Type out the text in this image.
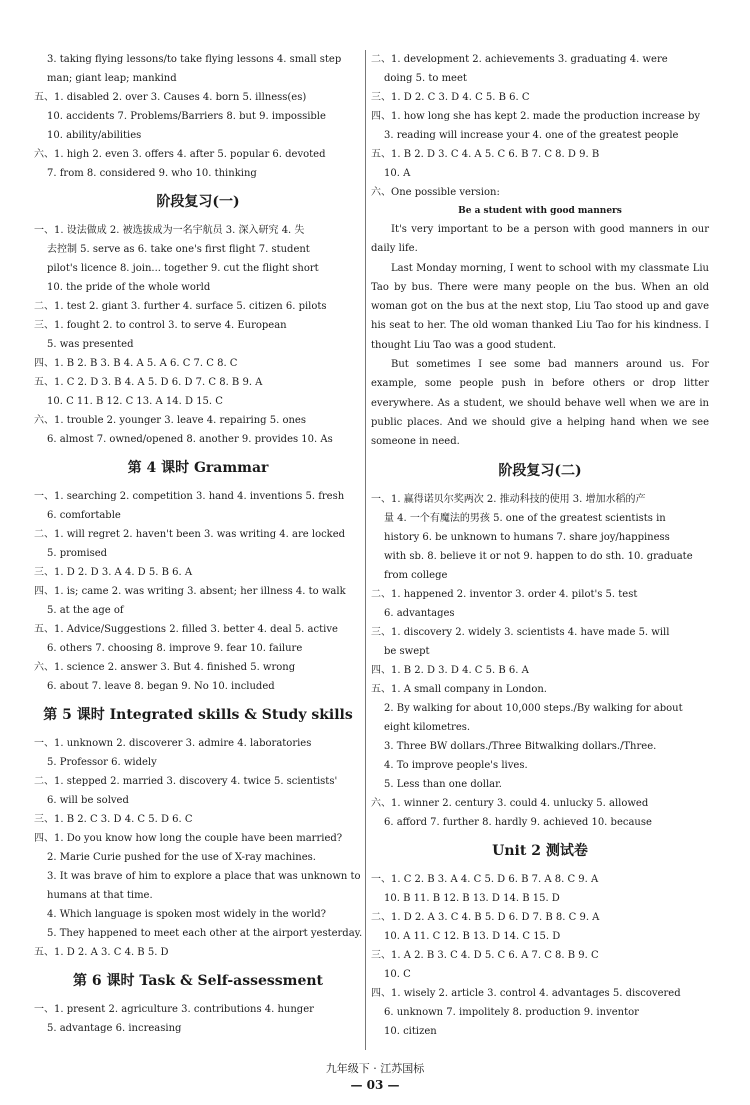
3. taking flying lessons/to take flying lessons 4. small step
man; giant leap; mankind
五、1. disabled 2. over 3. Causes 4. born 5. illness(es)
10. accidents 7. Problems/Barriers 8. but 9. impossible
10. ability/abilities
六、1. high 2. even 3. offers 4. after 5. popular 6. devoted
7. from 8. considered 9. who 10. thinking
阶段复习(一)
一、1. 设法做成 2. 被选拔成为一名宇航员 3. 深入研究 4. 失
去控制 5. serve as 6. take one's first flight 7. student
pilot's licence 8. join... together 9. cut the flight short
10. the pride of the whole world
二、1. test 2. giant 3. further 4. surface 5. citizen 6. pilots
三、1. fought 2. to control 3. to serve 4. European
5. was presented
四、1. B 2. B 3. B 4. A 5. A 6. C 7. C 8. C
五、1. C 2. D 3. B 4. A 5. D 6. D 7. C 8. B 9. A
10. C 11. B 12. C 13. A 14. D 15. C
六、1. trouble 2. younger 3. leave 4. repairing 5. ones
6. almost 7. owned/opened 8. another 9. provides 10. As
第 4 课时 Grammar
一、1. searching 2. competition 3. hand 4. inventions 5. fresh
6. comfortable
二、1. will regret 2. haven't been 3. was writing 4. are locked
5. promised
三、1. D 2. D 3. A 4. D 5. B 6. A
四、1. is; came 2. was writing 3. absent; her illness 4. to walk
5. at the age of
五、1. Advice/Suggestions 2. filled 3. better 4. deal 5. active
6. others 7. choosing 8. improve 9. fear 10. failure
六、1. science 2. answer 3. But 4. finished 5. wrong
6. about 7. leave 8. began 9. No 10. included
第 5 课时 Integrated skills & Study skills
一、1. unknown 2. discoverer 3. admire 4. laboratories
5. Professor 6. widely
二、1. stepped 2. married 3. discovery 4. twice 5. scientists'
6. will be solved
三、1. B 2. C 3. D 4. C 5. D 6. C
四、1. Do you know how long the couple have been married?
2. Marie Curie pushed for the use of X-ray machines.
3. It was brave of him to explore a place that was unknown to
humans at that time.
4. Which language is spoken most widely in the world?
5. They happened to meet each other at the airport yesterday.
五、1. D 2. A 3. C 4. B 5. D
第 6 课时 Task & Self-assessment
一、1. present 2. agriculture 3. contributions 4. hunger
5. advantage 6. increasing
二、1. development 2. achievements 3. graduating 4. were
doing 5. to meet
三、1. D 2. C 3. D 4. C 5. B 6. C
四、1. how long she has kept 2. made the production increase by
3. reading will increase your 4. one of the greatest people
五、1. B 2. D 3. C 4. A 5. C 6. B 7. C 8. D 9. B
10. A
六、One possible version:
Be a student with good manners
It's very important to be a person with good manners in our daily life.
Last Monday morning, I went to school with my classmate Liu Tao by bus. There were many people on the bus. When an old woman got on the bus at the next stop, Liu Tao stood up and gave his seat to her. The old woman thanked Liu Tao for his kindness. I thought Liu Tao was a good student.
But sometimes I see some bad manners around us. For example, some people push in before others or drop litter everywhere. As a student, we should behave well when we are in public places. And we should give a helping hand when we see someone in need.
阶段复习(二)
一、1. 赢得诺贝尔奖两次 2. 推动科技的使用 3. 增加水稻的产
量 4. 一个有魔法的男孩 5. one of the greatest scientists in
history 6. be unknown to humans 7. share joy/happiness
with sb. 8. believe it or not 9. happen to do sth. 10. graduate
from college
二、1. happened 2. inventor 3. order 4. pilot's 5. test
6. advantages
三、1. discovery 2. widely 3. scientists 4. have made 5. will
be swept
四、1. B 2. D 3. D 4. C 5. B 6. A
五、1. A small company in London.
2. By walking for about 10,000 steps./By walking for about
eight kilometres.
3. Three BW dollars./Three Bitwalking dollars./Three.
4. To improve people's lives.
5. Less than one dollar.
六、1. winner 2. century 3. could 4. unlucky 5. allowed
6. afford 7. further 8. hardly 9. achieved 10. because
Unit 2 测试卷
一、1. C 2. B 3. A 4. C 5. D 6. B 7. A 8. C 9. A
10. B 11. B 12. B 13. D 14. B 15. D
二、1. D 2. A 3. C 4. B 5. D 6. D 7. B 8. C 9. A
10. A 11. C 12. B 13. D 14. C 15. D
三、1. A 2. B 3. C 4. D 5. C 6. A 7. C 8. B 9. C
10. C
四、1. wisely 2. article 3. control 4. advantages 5. discovered
6. unknown 7. impolitely 8. production 9. inventor
10. citizen
九年级下 · 江苏国标
— 03 —
